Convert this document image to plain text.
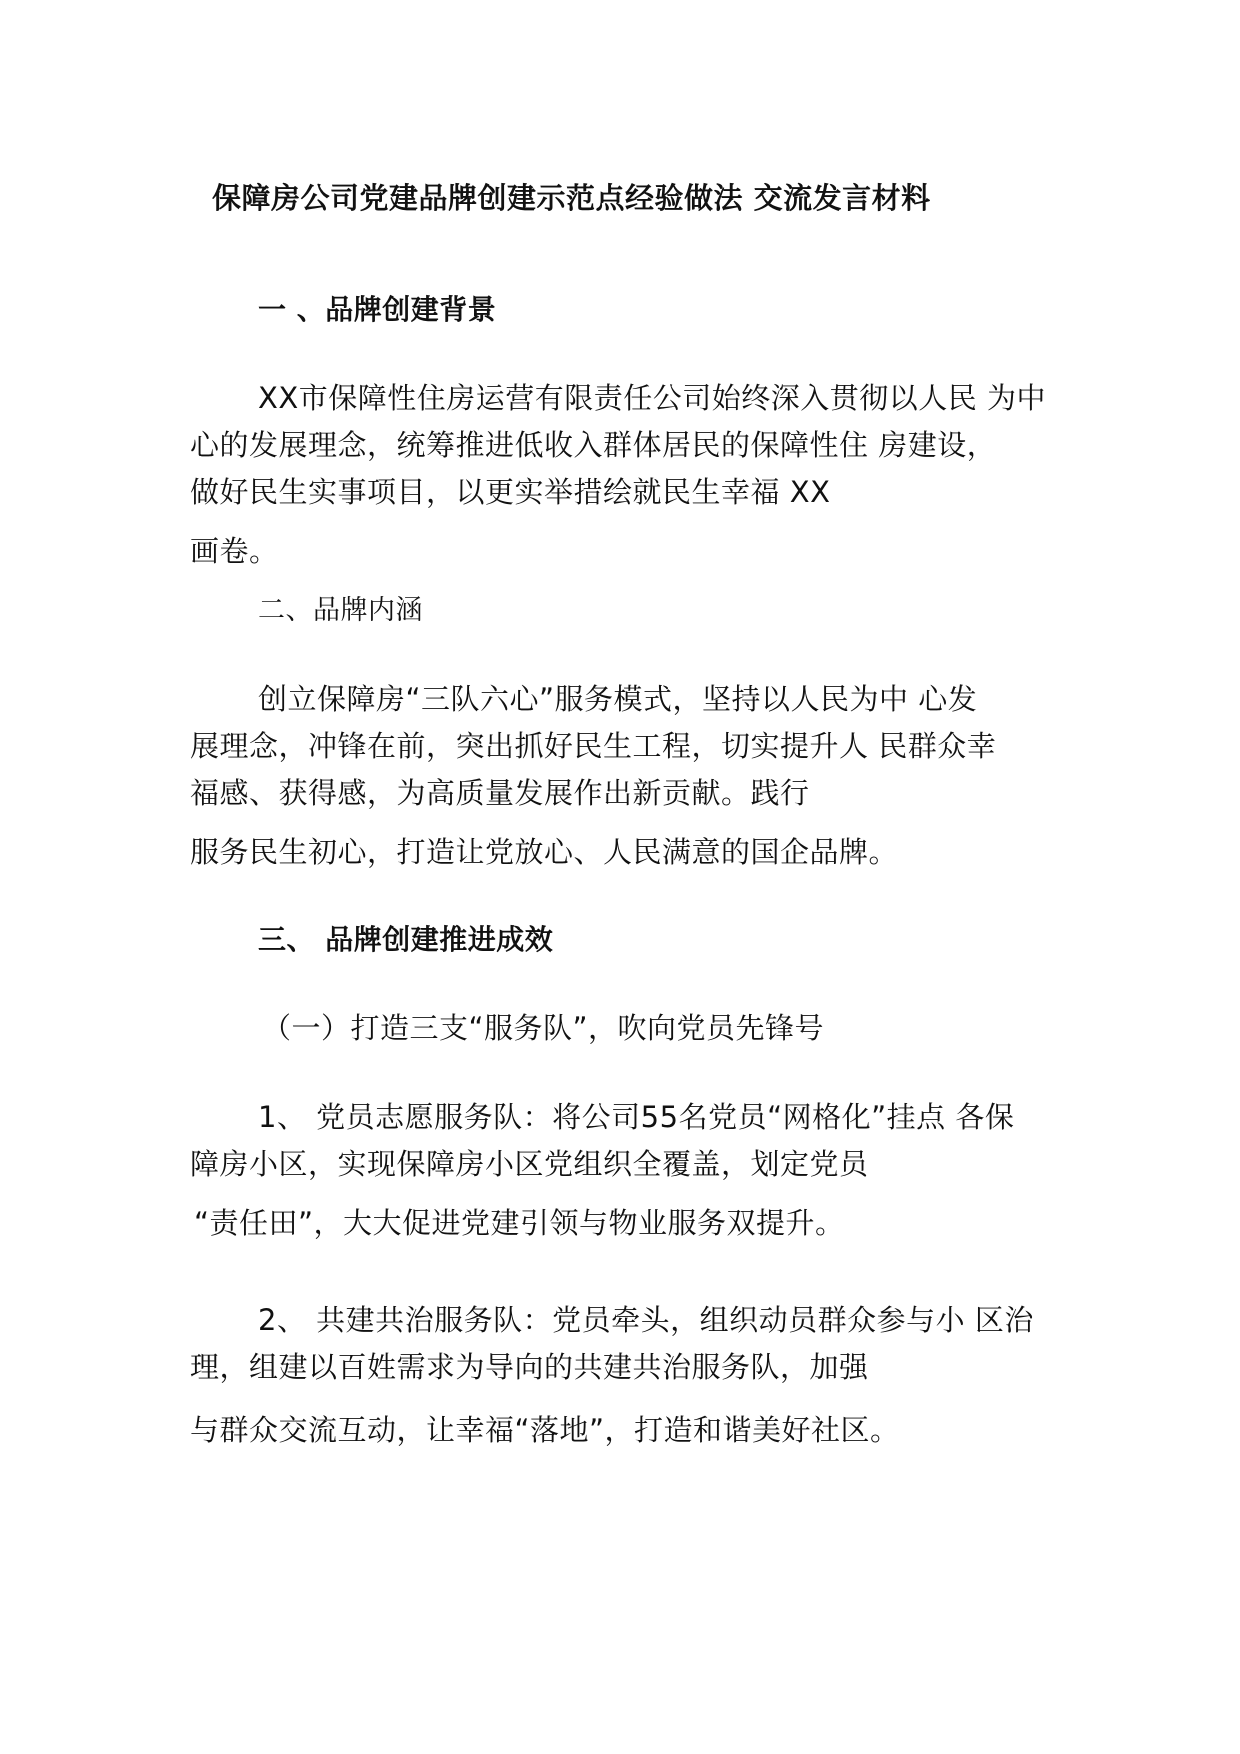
保障房公司党建品牌创建示范点经验做法 交流发言材料
一 、品牌创建背景
XX市保障性住房运营有限责任公司始终深入贯彻以人民 为中
心的发展理念，统筹推进低收入群体居民的保障性住 房建设，
做好民生实事项目，以更实举措绘就民生幸福 XX
画卷。
二、品牌内涵
创立保障房“三队六心”服务模式，坚持以人民为中 心发
展理念，冲锋在前，突出抓好民生工程，切实提升人 民群众幸
福感、获得感，为高质量发展作出新贡献。践行
服务民生初心，打造让党放心、人民满意的国企品牌。
三、 品牌创建推进成效
（一）打造三支“服务队”，吹向党员先锋号
1、 党员志愿服务队：将公司55名党员“网格化”挂点 各保
障房小区，实现保障房小区党组织全覆盖，划定党员
“责任田”，大大促进党建引领与物业服务双提升。
2、 共建共治服务队：党员牵头，组织动员群众参与小 区治
理，组建以百姓需求为导向的共建共治服务队，加强
与群众交流互动，让幸福“落地”，打造和谐美好社区。
